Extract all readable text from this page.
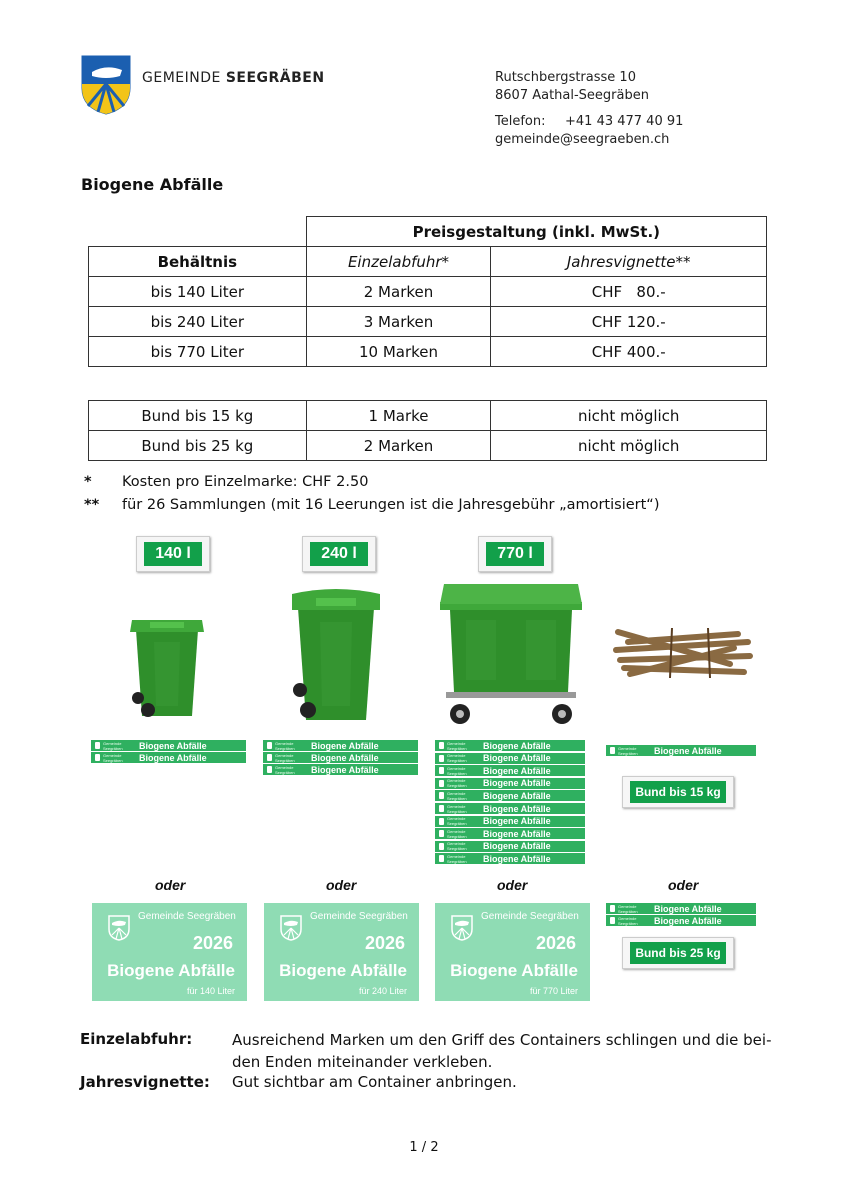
GEMEINDE SEEGRÄBEN	Rutschbergstrasse 10
8607 Aathal-Seegräben
Telefon: +41 43 477 40 91
gemeinde@seegraeben.ch
Biogene Abfälle
	Preisgestaltung (inkl. MwSt.)	
Behältnis	Einzelabfuhr*	Jahresvignette**
bis 140 Liter	2 Marken	CHF   80.-
bis 240 Liter	3 Marken	CHF 120.-
bis 770 Liter	10 Marken	CHF 400.-
Bund bis 15 kg	1 Marke	nicht möglich
Bund bis 25 kg	2 Marken	nicht möglich
* Kosten pro Einzelmarke: CHF 2.50
** für 26 Sammlungen (mit 16 Leerungen ist die Jahresgebühr „amortisiert“)
140 l	240 l	770 l
Gemeinde Seegräben	Biogene Abfälle
Gemeinde Seegräben	Biogene Abfälle
Gemeinde Seegräben	Biogene Abfälle
Gemeinde Seegräben	Biogene Abfälle
Gemeinde Seegräben	Biogene Abfälle
Gemeinde Seegräben	Biogene Abfälle
Gemeinde Seegräben	Biogene Abfälle
Gemeinde Seegräben	Biogene Abfälle
Gemeinde Seegräben	Biogene Abfälle
Gemeinde Seegräben	Biogene Abfälle
Gemeinde Seegräben	Biogene Abfälle
Gemeinde Seegräben	Biogene Abfälle
Gemeinde Seegräben	Biogene Abfälle
Gemeinde Seegräben	Biogene Abfälle
Gemeinde Seegräben	Biogene Abfälle
Gemeinde Seegräben	Biogene Abfälle
Bund bis 15 kg
oder	oder	oder	oder
Gemeinde Seegräben
2026
Biogene Abfälle
für 140 Liter
Gemeinde Seegräben
2026
Biogene Abfälle
für 240 Liter
Gemeinde Seegräben
2026
Biogene Abfälle
für 770 Liter
Gemeinde Seegräben	Biogene Abfälle
Gemeinde Seegräben	Biogene Abfälle
Bund bis 25 kg
Einzelabfuhr:	Ausreichend Marken um den Griff des Containers schlingen und die bei-
den Enden miteinander verkleben.
Jahresvignette: Gut sichtbar am Container anbringen.
1 / 2
